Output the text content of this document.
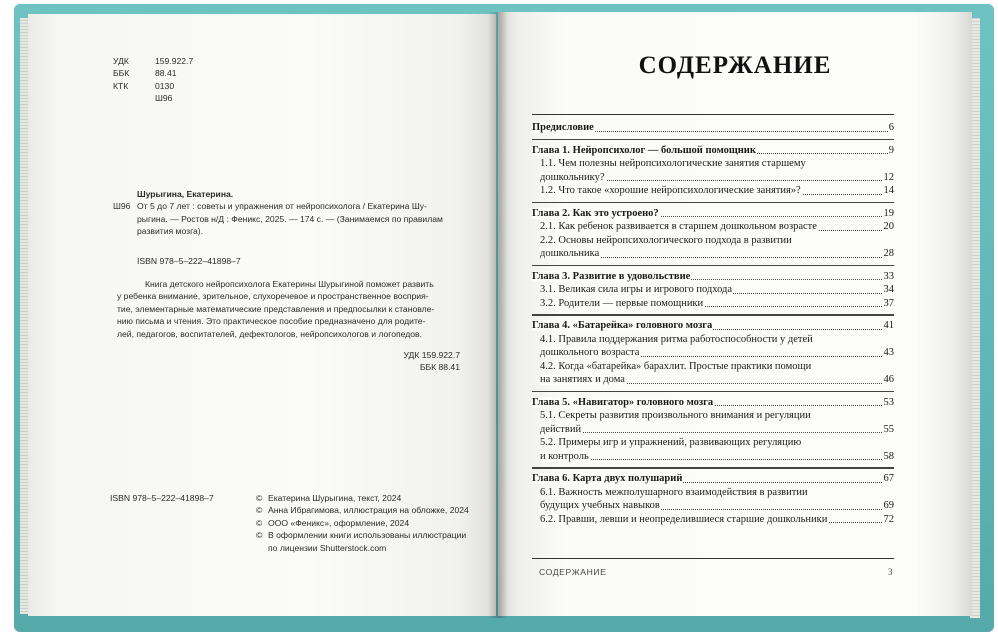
УДК	159.922.7
ББК	88.41
КТК	0130
Ш96
Шурыгина, Екатерина.
Ш96 От 5 до 7 лет : советы и упражнения от нейропсихолога / Екатерина Шу-
рыгина. — Ростов н/Д : Феникс, 2025. — 174 с. — (Занимаемся по правилам
развития мозга).
ISBN 978–5–222–41898–7
Книга детского нейропсихолога Екатерины Шурыгиной поможет развить
у ребенка внимание, зрительное, слухоречевое и пространственное восприя-
тие, элементарные математические представления и предпосылки к становле-
нию письма и чтения. Это практическое пособие предназначено для родите-
лей, педагогов, воспитателей, дефектологов, нейропсихологов и логопедов.
УДК 159.922.7
ББК 88.41
ISBN 978–5–222–41898–7	© Екатерина Шурыгина, текст, 2024
© Анна Ибрагимова, иллюстрация на обложке, 2024
© ООО «Феникс», оформление, 2024
© В оформлении книги использованы иллюстрации по лицензии Shutterstock.com
СОДЕРЖАНИЕ
Предисловие	6
Глава 1. Нейропсихолог — большой помощник	9
1.1. Чем полезны нейропсихологические занятия старшему
дошкольнику?	12
1.2. Что такое «хорошие нейропсихологические занятия»?	14
Глава 2. Как это устроено?	19
2.1. Как ребенок развивается в старшем дошкольном возрасте	20
2.2. Основы нейропсихологического подхода в развитии
дошкольника	28
Глава 3. Развитие в удовольствие	33
3.1. Великая сила игры и игрового подхода	34
3.2. Родители — первые помощники	37
Глава 4. «Батарейка» головного мозга	41
4.1. Правила поддержания ритма работоспособности у детей
дошкольного возраста	43
4.2. Когда «батарейка» барахлит. Простые практики помощи
на занятиях и дома	46
Глава 5. «Навигатор» головного мозга	53
5.1. Секреты развития произвольного внимания и регуляции
действий	55
5.2. Примеры игр и упражнений, развивающих регуляцию
и контроль	58
Глава 6. Карта двух полушарий	67
6.1. Важность межполушарного взаимодействия в развитии
будущих учебных навыков	69
6.2. Правши, левши и неопределившиеся старшие дошкольники	72
СОДЕРЖАНИЕ	3
